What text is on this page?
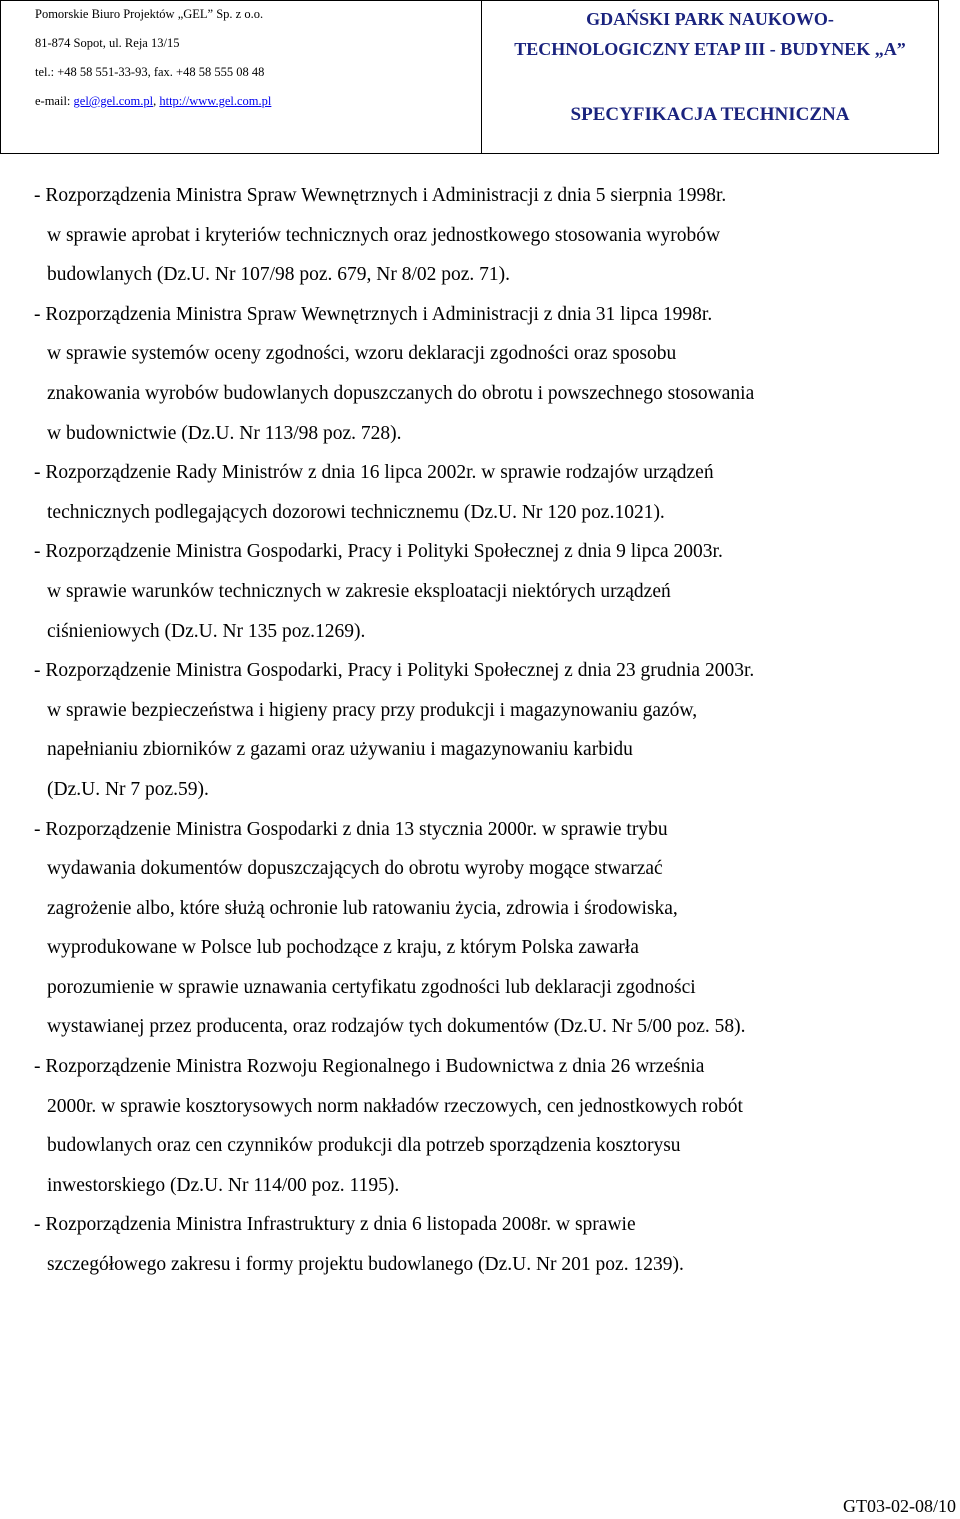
Pomorskie Biuro Projektów „GEL” Sp. z o.o.
81-874 Sopot, ul. Reja 13/15
tel.: +48 58 551-33-93, fax. +48 58 555 08 48
e-mail: gel@gel.com.pl , http://www.gel.com.pl
GDAŃSKI PARK NAUKOWO-
TECHNOLOGICZNY ETAP III - BUDYNEK „A”
SPECYFIKACJA TECHNICZNA
- Rozporządzenia Ministra Spraw Wewnętrznych i Administracji z dnia 5 sierpnia 1998r.
w sprawie aprobat i kryteriów technicznych oraz jednostkowego stosowania wyrobów
budowlanych (Dz.U. Nr 107/98 poz. 679, Nr 8/02 poz. 71).
- Rozporządzenia Ministra Spraw Wewnętrznych i Administracji z dnia 31 lipca 1998r.
w sprawie systemów oceny zgodności, wzoru deklaracji zgodności oraz sposobu
znakowania wyrobów budowlanych dopuszczanych do obrotu i powszechnego stosowania
w budownictwie (Dz.U. Nr 113/98 poz. 728).
- Rozporządzenie Rady Ministrów z dnia 16 lipca 2002r. w sprawie rodzajów urządzeń
technicznych podlegających dozorowi technicznemu (Dz.U. Nr 120 poz.1021).
- Rozporządzenie Ministra Gospodarki, Pracy i Polityki Społecznej z dnia 9 lipca 2003r.
w sprawie warunków technicznych w zakresie eksploatacji niektórych urządzeń
ciśnieniowych (Dz.U. Nr 135 poz.1269).
- Rozporządzenie Ministra Gospodarki, Pracy i Polityki Społecznej z dnia 23 grudnia 2003r.
w sprawie bezpieczeństwa i higieny pracy przy produkcji i magazynowaniu gazów,
napełnianiu zbiorników z gazami oraz używaniu i magazynowaniu karbidu
(Dz.U. Nr 7 poz.59).
- Rozporządzenie Ministra Gospodarki z dnia 13 stycznia 2000r. w sprawie trybu
wydawania dokumentów dopuszczających do obrotu wyroby mogące stwarzać
zagrożenie albo, które służą ochronie lub ratowaniu życia, zdrowia i środowiska,
wyprodukowane w Polsce lub pochodzące z kraju, z którym Polska zawarła
porozumienie w sprawie uznawania certyfikatu zgodności lub deklaracji zgodności
wystawianej przez producenta, oraz rodzajów tych dokumentów (Dz.U. Nr 5/00 poz. 58).
- Rozporządzenie Ministra Rozwoju Regionalnego i Budownictwa z dnia 26 września
2000r. w sprawie kosztorysowych norm nakładów rzeczowych, cen jednostkowych robót
budowlanych oraz cen czynników produkcji dla potrzeb sporządzenia kosztorysu
inwestorskiego (Dz.U. Nr 114/00 poz. 1195).
- Rozporządzenia Ministra Infrastruktury z dnia 6 listopada 2008r. w sprawie
szczegółowego zakresu i formy projektu budowlanego (Dz.U. Nr 201 poz. 1239).
GT03-02-08/10
